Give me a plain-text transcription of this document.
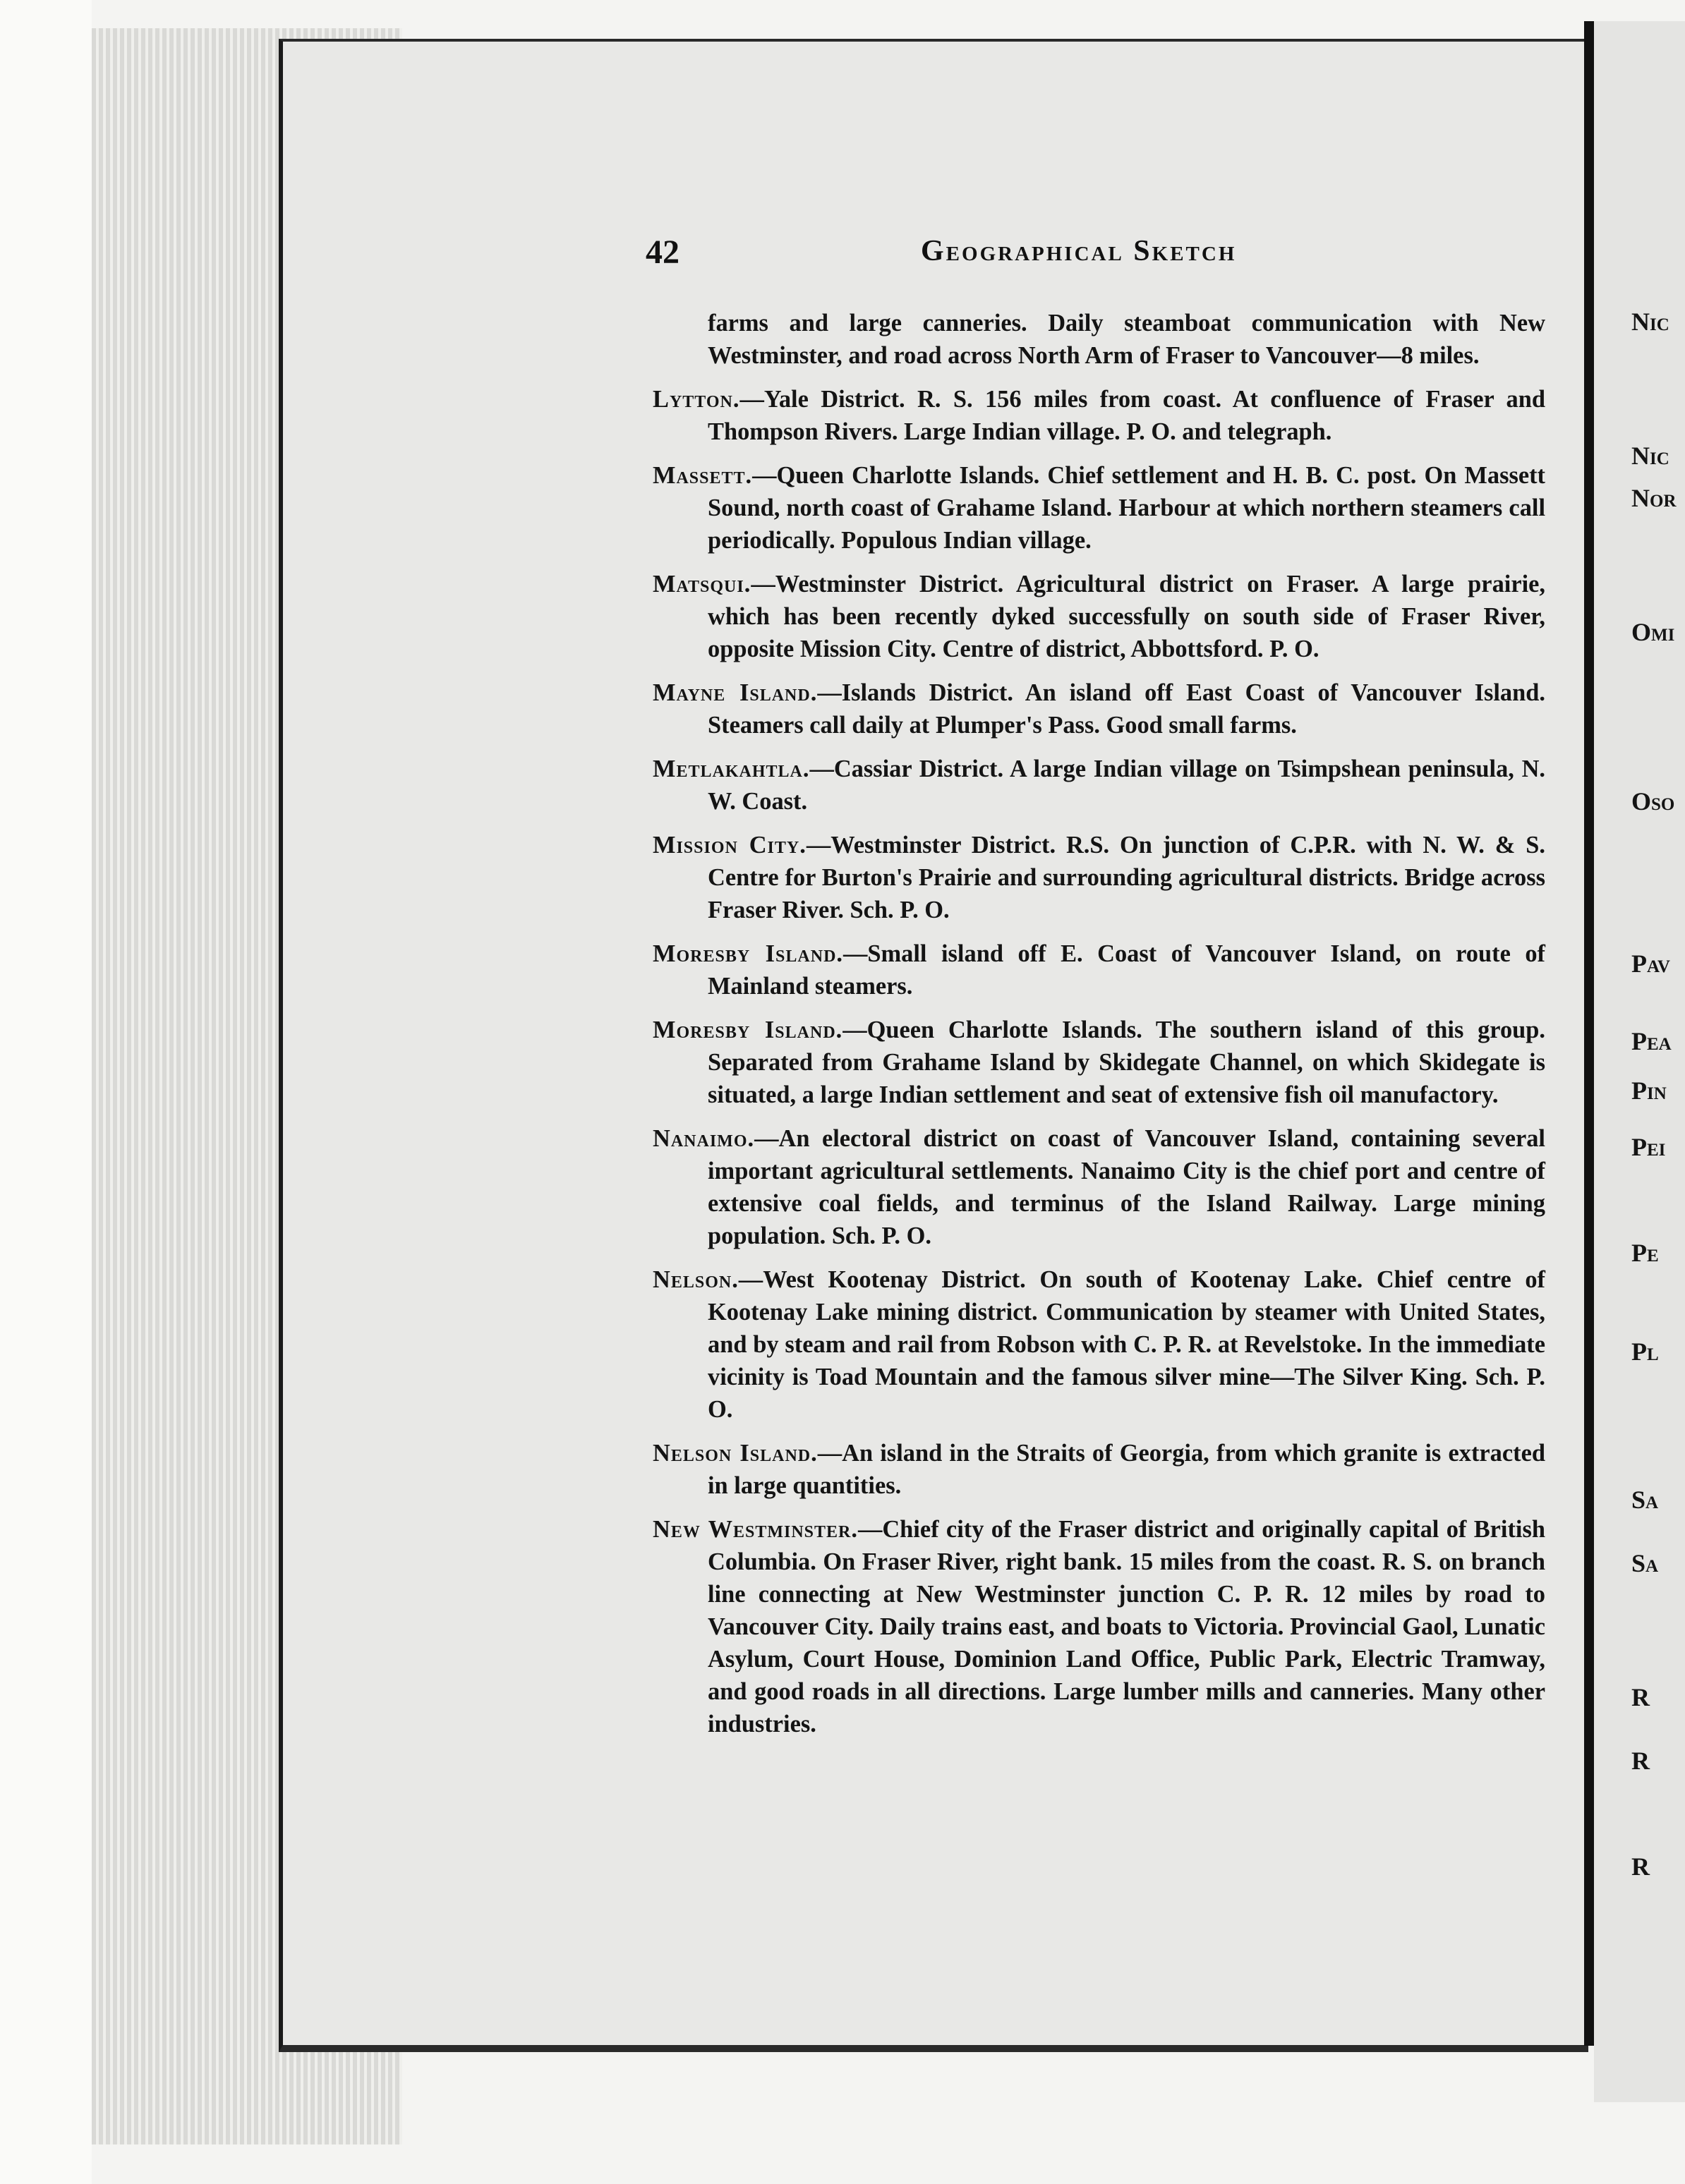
42	Geographical Sketch

farms and large canneries. Daily steamboat communication with New Westminster, and road across North Arm of Fraser to Vancouver—8 miles.

Lytton.—Yale District. R. S. 156 miles from coast. At confluence of Fraser and Thompson Rivers. Large Indian village. P. O. and telegraph.

Massett.—Queen Charlotte Islands. Chief settlement and H. B. C. post. On Massett Sound, north coast of Grahame Island. Harbour at which northern steamers call periodically. Populous Indian village.

Matsqui.—Westminster District. Agricultural district on Fraser. A large prairie, which has been recently dyked successfully on south side of Fraser River, opposite Mission City. Centre of district, Abbottsford. P. O.

Mayne Island.—Islands District. An island off East Coast of Vancouver Island. Steamers call daily at Plumper's Pass. Good small farms.

Metlakahtla.—Cassiar District. A large Indian village on Tsimpshean peninsula, N. W. Coast.

Mission City.—Westminster District. R.S. On junction of C.P.R. with N. W. & S. Centre for Burton's Prairie and surrounding agricultural districts. Bridge across Fraser River. Sch. P. O.

Moresby Island.—Small island off E. Coast of Vancouver Island, on route of Mainland steamers.

Moresby Island.—Queen Charlotte Islands. The southern island of this group. Separated from Grahame Island by Skidegate Channel, on which Skidegate is situated, a large Indian settlement and seat of extensive fish oil manufactory.

Nanaimo.—An electoral district on coast of Vancouver Island, containing several important agricultural settlements. Nanaimo City is the chief port and centre of extensive coal fields, and terminus of the Island Railway. Large mining population. Sch. P. O.

Nelson.—West Kootenay District. On south of Kootenay Lake. Chief centre of Kootenay Lake mining district. Communication by steamer with United States, and by steam and rail from Robson with C. P. R. at Revelstoke. In the immediate vicinity is Toad Mountain and the famous silver mine—The Silver King. Sch. P. O.

Nelson Island.—An island in the Straits of Georgia, from which granite is extracted in large quantities.

New Westminster.—Chief city of the Fraser district and originally capital of British Columbia. On Fraser River, right bank. 15 miles from the coast. R. S. on branch line connecting at New Westminster junction C. P. R. 12 miles by road to Vancouver City. Daily trains east, and boats to Victoria. Provincial Gaol, Lunatic Asylum, Court House, Dominion Land Office, Public Park, Electric Tramway, and good roads in all directions. Large lumber mills and canneries. Many other industries.

Nic
Nic
Nor
Omi
Oso
Pav
Pea
Pin
Pei
Pe
Pl
Sa
Sa
R
R
R
